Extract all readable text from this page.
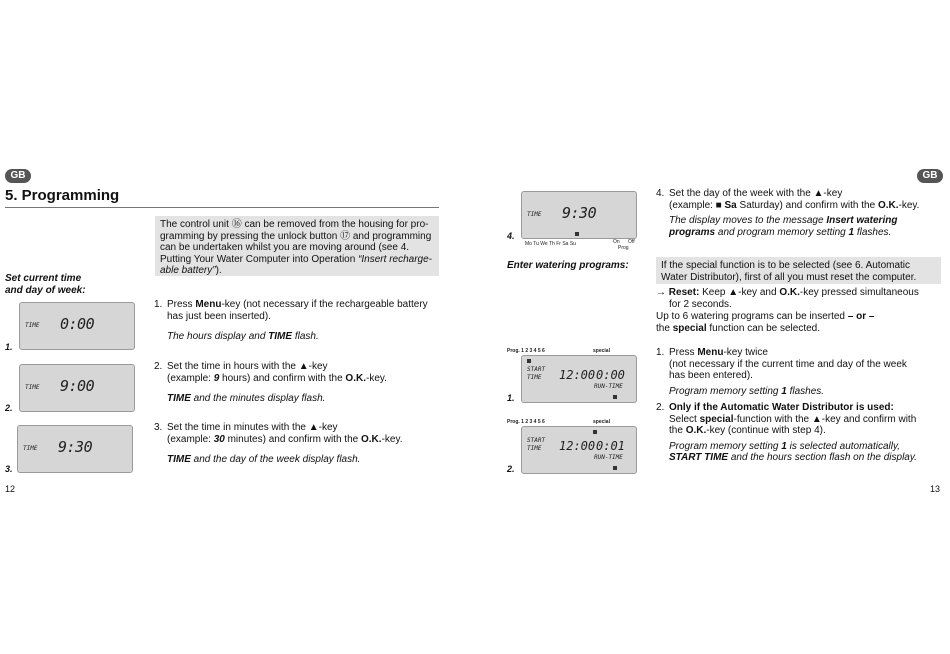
GB
5. Programming
The control unit ⑯ can be removed from the housing for pro-gramming by pressing the unlock button ⑰ and programming can be undertaken whilst you are moving around (see 4. Putting Your Water Computer into Operation “Insert recharge-able battery”).
Set current time
and day of week:
TIME 0:00
1.
TIME 9:00
2.
TIME 9:30
3.
1. Press Menu-key (not necessary if the rechargeable battery has just been inserted).
The hours display and TIME flash.
2. Set the time in hours with the ▲-key
(example: 9 hours) and confirm with the O.K.-key.
TIME and the minutes display flash.
3. Set the time in minutes with the ▲-key
(example: 30 minutes) and confirm with the O.K.-key.
TIME and the day of the week display flash.
12
GB
TIME 9:30
Mo Tu We Th Fr Sa Su	On Off
Prog
4.
Enter watering programs:
Prog. 1 2 3 4 5 6	special
START
TIME 12:00 0:00
RUN-TIME
1.
Prog. 1 2 3 4 5 6	special
START
TIME 12:00 0:01
RUN-TIME
2.
4. Set the day of the week with the ▲-key
(example: ■ Sa Saturday) and confirm with the O.K.-key.
The display moves to the message Insert watering programs and program memory setting 1 flashes.
If the special function is to be selected (see 6. Automatic Water Distributor), first of all you must reset the computer.
→ Reset: Keep ▲-key and O.K.-key pressed simultaneous
for 2 seconds.
Up to 6 watering programs can be inserted – or –
the special function can be selected.
1. Press Menu-key twice
(not necessary if the current time and day of the week
has been entered).
Program memory setting 1 flashes.
2. Only if the Automatic Water Distributor is used:
Select special-function with the ▲-key and confirm with
the O.K.-key (continue with step 4).
Program memory setting 1 is selected automatically,
START TIME and the hours section flash on the display.
13
